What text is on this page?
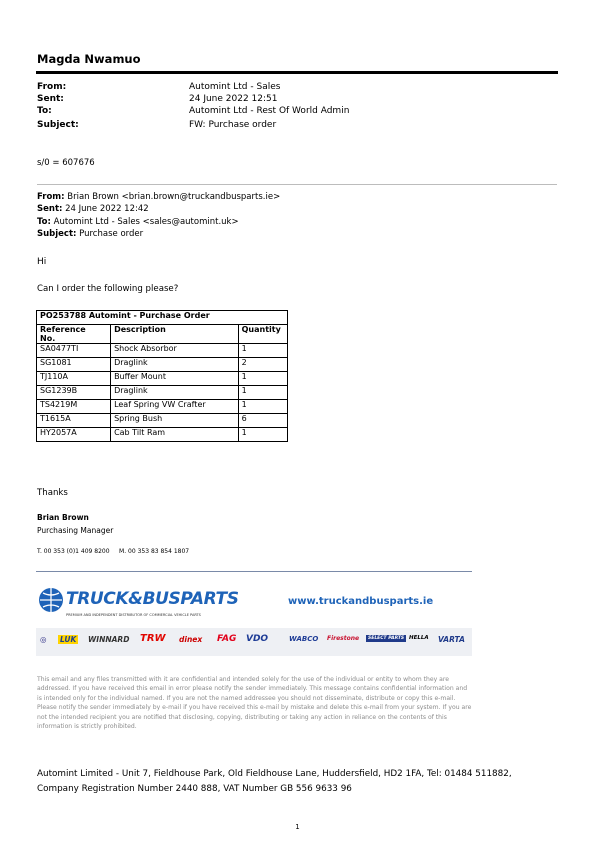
Magda Nwamuo
From:	Automint Ltd - Sales
Sent:	24 June 2022 12:51
To:	Automint Ltd - Rest Of World Admin
Subject:	FW: Purchase order
s/0 = 607676
From: Brian Brown <brian.brown@truckandbusparts.ie>
Sent: 24 June 2022 12:42
To: Automint Ltd - Sales <sales@automint.uk>
Subject: Purchase order
Hi
Can I order the following please?
PO253788 Automint - Purchase Order		

Reference
No.	Description	Quantity
SA0477TI	Shock Absorbor	1
SG1081	Draglink	2
TJ110A	Buffer Mount	1
SG1239B	Draglink	1
TS4219M	Leaf Spring VW Crafter	1
T1615A	Spring Bush	6
HY2057A	Cab Tilt Ram	1
Thanks
Brian Brown
Purchasing Manager
T. 00 353 (0)1 409 8200     M. 00 353 83 854 1807
TRUCK&BUSPARTS
PREMIUM AND INDEPENDENT DISTRIBUTOR OF COMMERCIAL VEHICLE PARTS
www.truckandbusparts.ie
◎ LUK WINNARD TRW dinex FAG VDO	WABCO Firestone	SELECT PARTS HELLA VARTA
This email and any files transmitted with it are confidential and intended solely for the use of the individual or entity to whom they are addressed. If you have received this email in error please notify the sender immediately. This message contains confidential information and is intended only for the individual named. If you are not the named addressee you should not disseminate, distribute or copy this e-mail. Please notify the sender immediately by e-mail if you have received this e-mail by mistake and delete this e-mail from your system. If you are not the intended recipient you are notified that disclosing, copying, distributing or taking any action in reliance on the contents of this information is strictly prohibited.
Automint Limited - Unit 7, Fieldhouse Park, Old Fieldhouse Lane, Huddersfield, HD2 1FA, Tel: 01484 511882,
Company Registration Number 2440 888, VAT Number GB 556 9633 96
1
